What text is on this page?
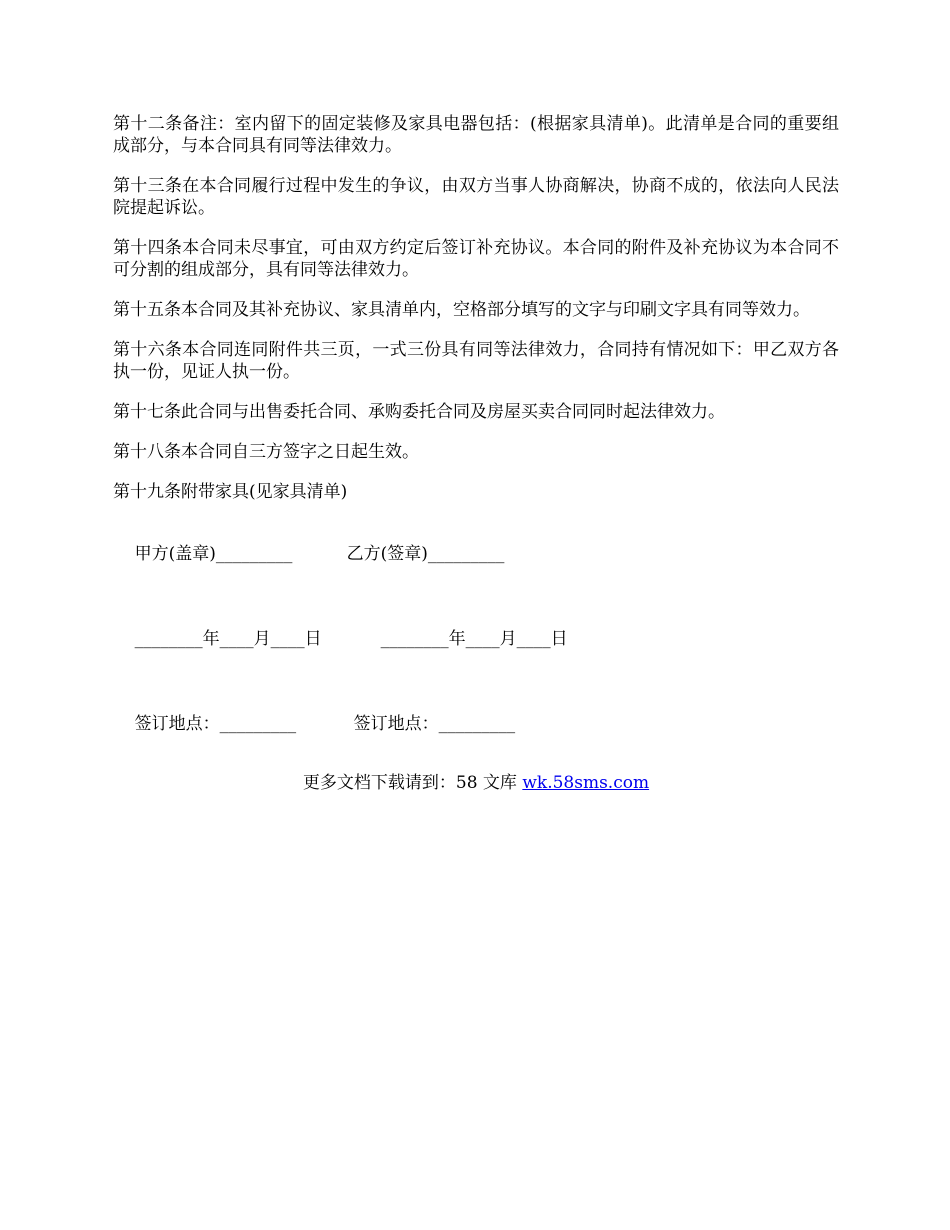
第十二条备注：室内留下的固定装修及家具电器包括：(根据家具清单)。此清单是合同的重要组成部分，与本合同具有同等法律效力。

第十三条在本合同履行过程中发生的争议，由双方当事人协商解决，协商不成的，依法向人民法院提起诉讼。

第十四条本合同未尽事宜，可由双方约定后签订补充协议。本合同的附件及补充协议为本合同不可分割的组成部分，具有同等法律效力。

第十五条本合同及其补充协议、家具清单内，空格部分填写的文字与印刷文字具有同等效力。

第十六条本合同连同附件共三页，一式三份具有同等法律效力，合同持有情况如下：甲乙双方各执一份，见证人执一份。

第十七条此合同与出售委托合同、承购委托合同及房屋买卖合同同时起法律效力。

第十八条本合同自三方签字之日起生效。

第十九条附带家具(见家具清单)

甲方(盖章)_________	乙方(签章)_________

________年____月____日	________年____月____日

签订地点：_________	签订地点：_________

更多文档下载请到：58 文库 wk.58sms.com
